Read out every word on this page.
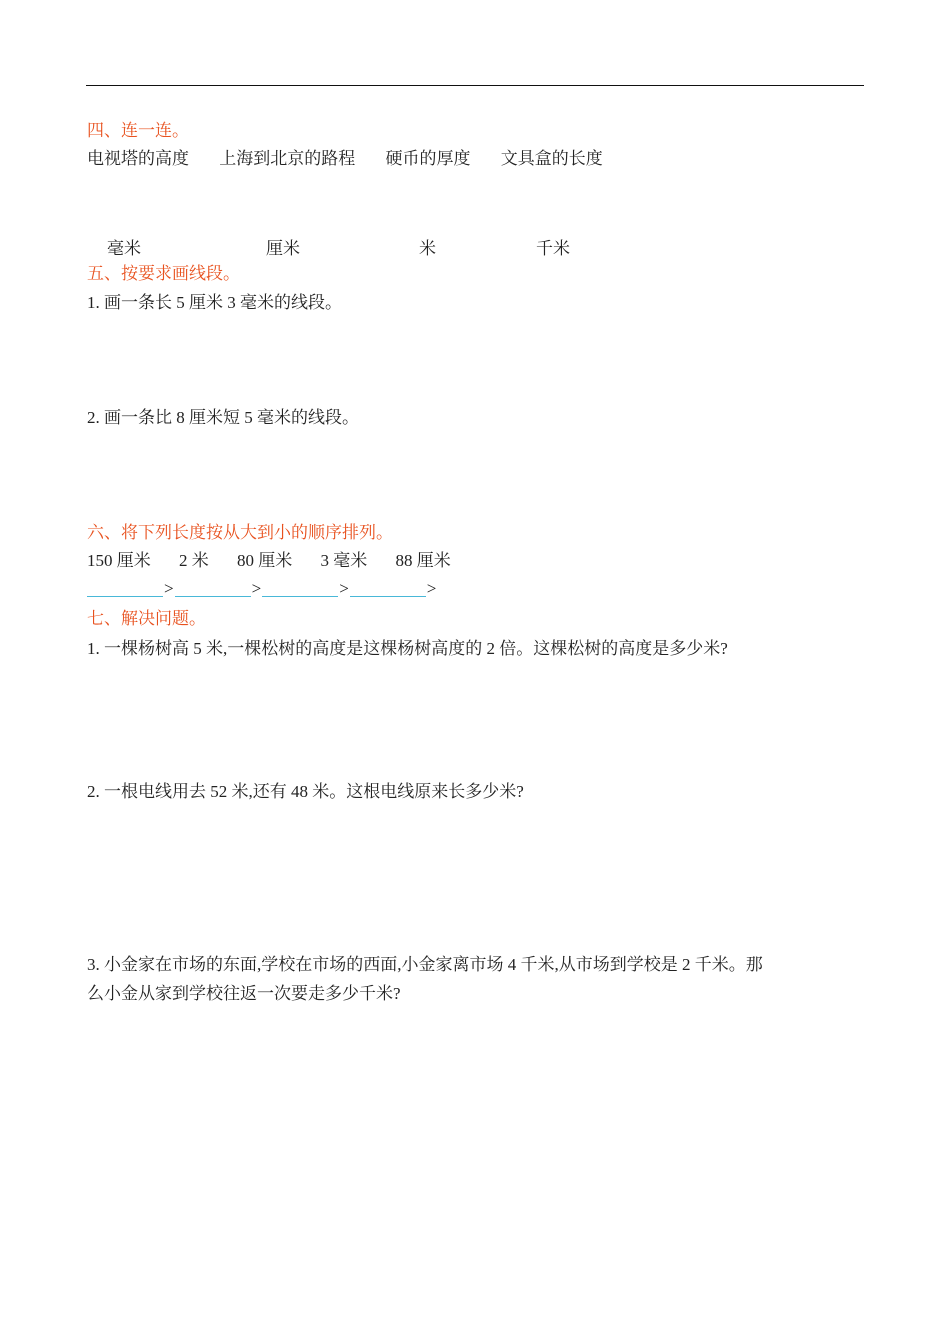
四、连一连。
电视塔的高度 上海到北京的路程 硬币的厚度 文具盒的长度
毫米	厘米	米	千米
五、按要求画线段。
1. 画一条长 5 厘米 3 毫米的线段。
2. 画一条比 8 厘米短 5 毫米的线段。
六、将下列长度按从大到小的顺序排列。
150 厘米 2 米 80 厘米 3 毫米 88 厘米
>	>	>	>
七、解决问题。
1. 一棵杨树高 5 米,一棵松树的高度是这棵杨树高度的 2 倍。这棵松树的高度是多少米?
2. 一根电线用去 52 米,还有 48 米。这根电线原来长多少米?
3. 小金家在市场的东面,学校在市场的西面,小金家离市场 4 千米,从市场到学校是 2 千米。那
么小金从家到学校往返一次要走多少千米?
